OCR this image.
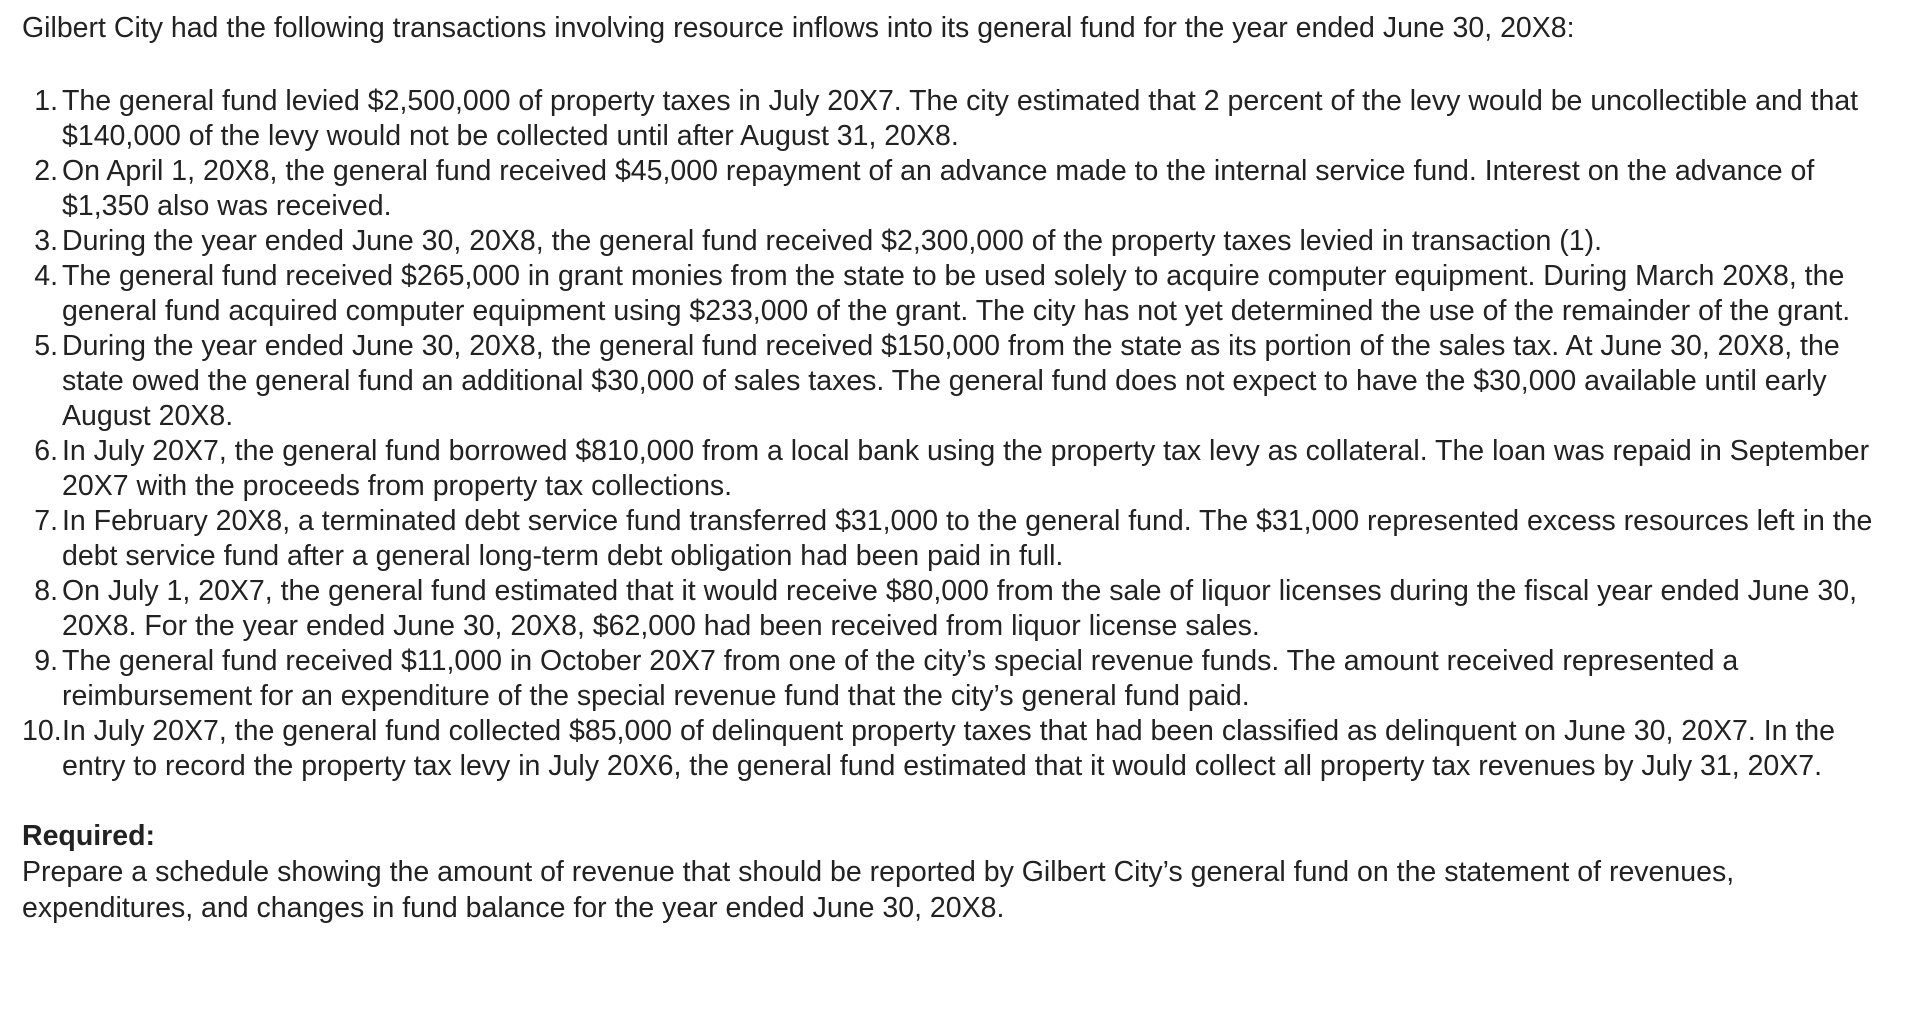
Gilbert City had the following transactions involving resource inflows into its general fund for the year ended June 30, 20X8:

1. The general fund levied $2,500,000 of property taxes in July 20X7. The city estimated that 2 percent of the levy would be uncollectible and that $140,000 of the levy would not be collected until after August 31, 20X8.
2. On April 1, 20X8, the general fund received $45,000 repayment of an advance made to the internal service fund. Interest on the advance of $1,350 also was received.
3. During the year ended June 30, 20X8, the general fund received $2,300,000 of the property taxes levied in transaction (1).
4. The general fund received $265,000 in grant monies from the state to be used solely to acquire computer equipment. During March 20X8, the general fund acquired computer equipment using $233,000 of the grant. The city has not yet determined the use of the remainder of the grant.
5. During the year ended June 30, 20X8, the general fund received $150,000 from the state as its portion of the sales tax. At June 30, 20X8, the state owed the general fund an additional $30,000 of sales taxes. The general fund does not expect to have the $30,000 available until early August 20X8.
6. In July 20X7, the general fund borrowed $810,000 from a local bank using the property tax levy as collateral. The loan was repaid in September 20X7 with the proceeds from property tax collections.
7. In February 20X8, a terminated debt service fund transferred $31,000 to the general fund. The $31,000 represented excess resources left in the debt service fund after a general long-term debt obligation had been paid in full.
8. On July 1, 20X7, the general fund estimated that it would receive $80,000 from the sale of liquor licenses during the fiscal year ended June 30, 20X8. For the year ended June 30, 20X8, $62,000 had been received from liquor license sales.
9. The general fund received $11,000 in October 20X7 from one of the city’s special revenue funds. The amount received represented a reimbursement for an expenditure of the special revenue fund that the city’s general fund paid.
10. In July 20X7, the general fund collected $85,000 of delinquent property taxes that had been classified as delinquent on June 30, 20X7. In the entry to record the property tax levy in July 20X6, the general fund estimated that it would collect all property tax revenues by July 31, 20X7.

Required:

Prepare a schedule showing the amount of revenue that should be reported by Gilbert City’s general fund on the statement of revenues, expenditures, and changes in fund balance for the year ended June 30, 20X8.
